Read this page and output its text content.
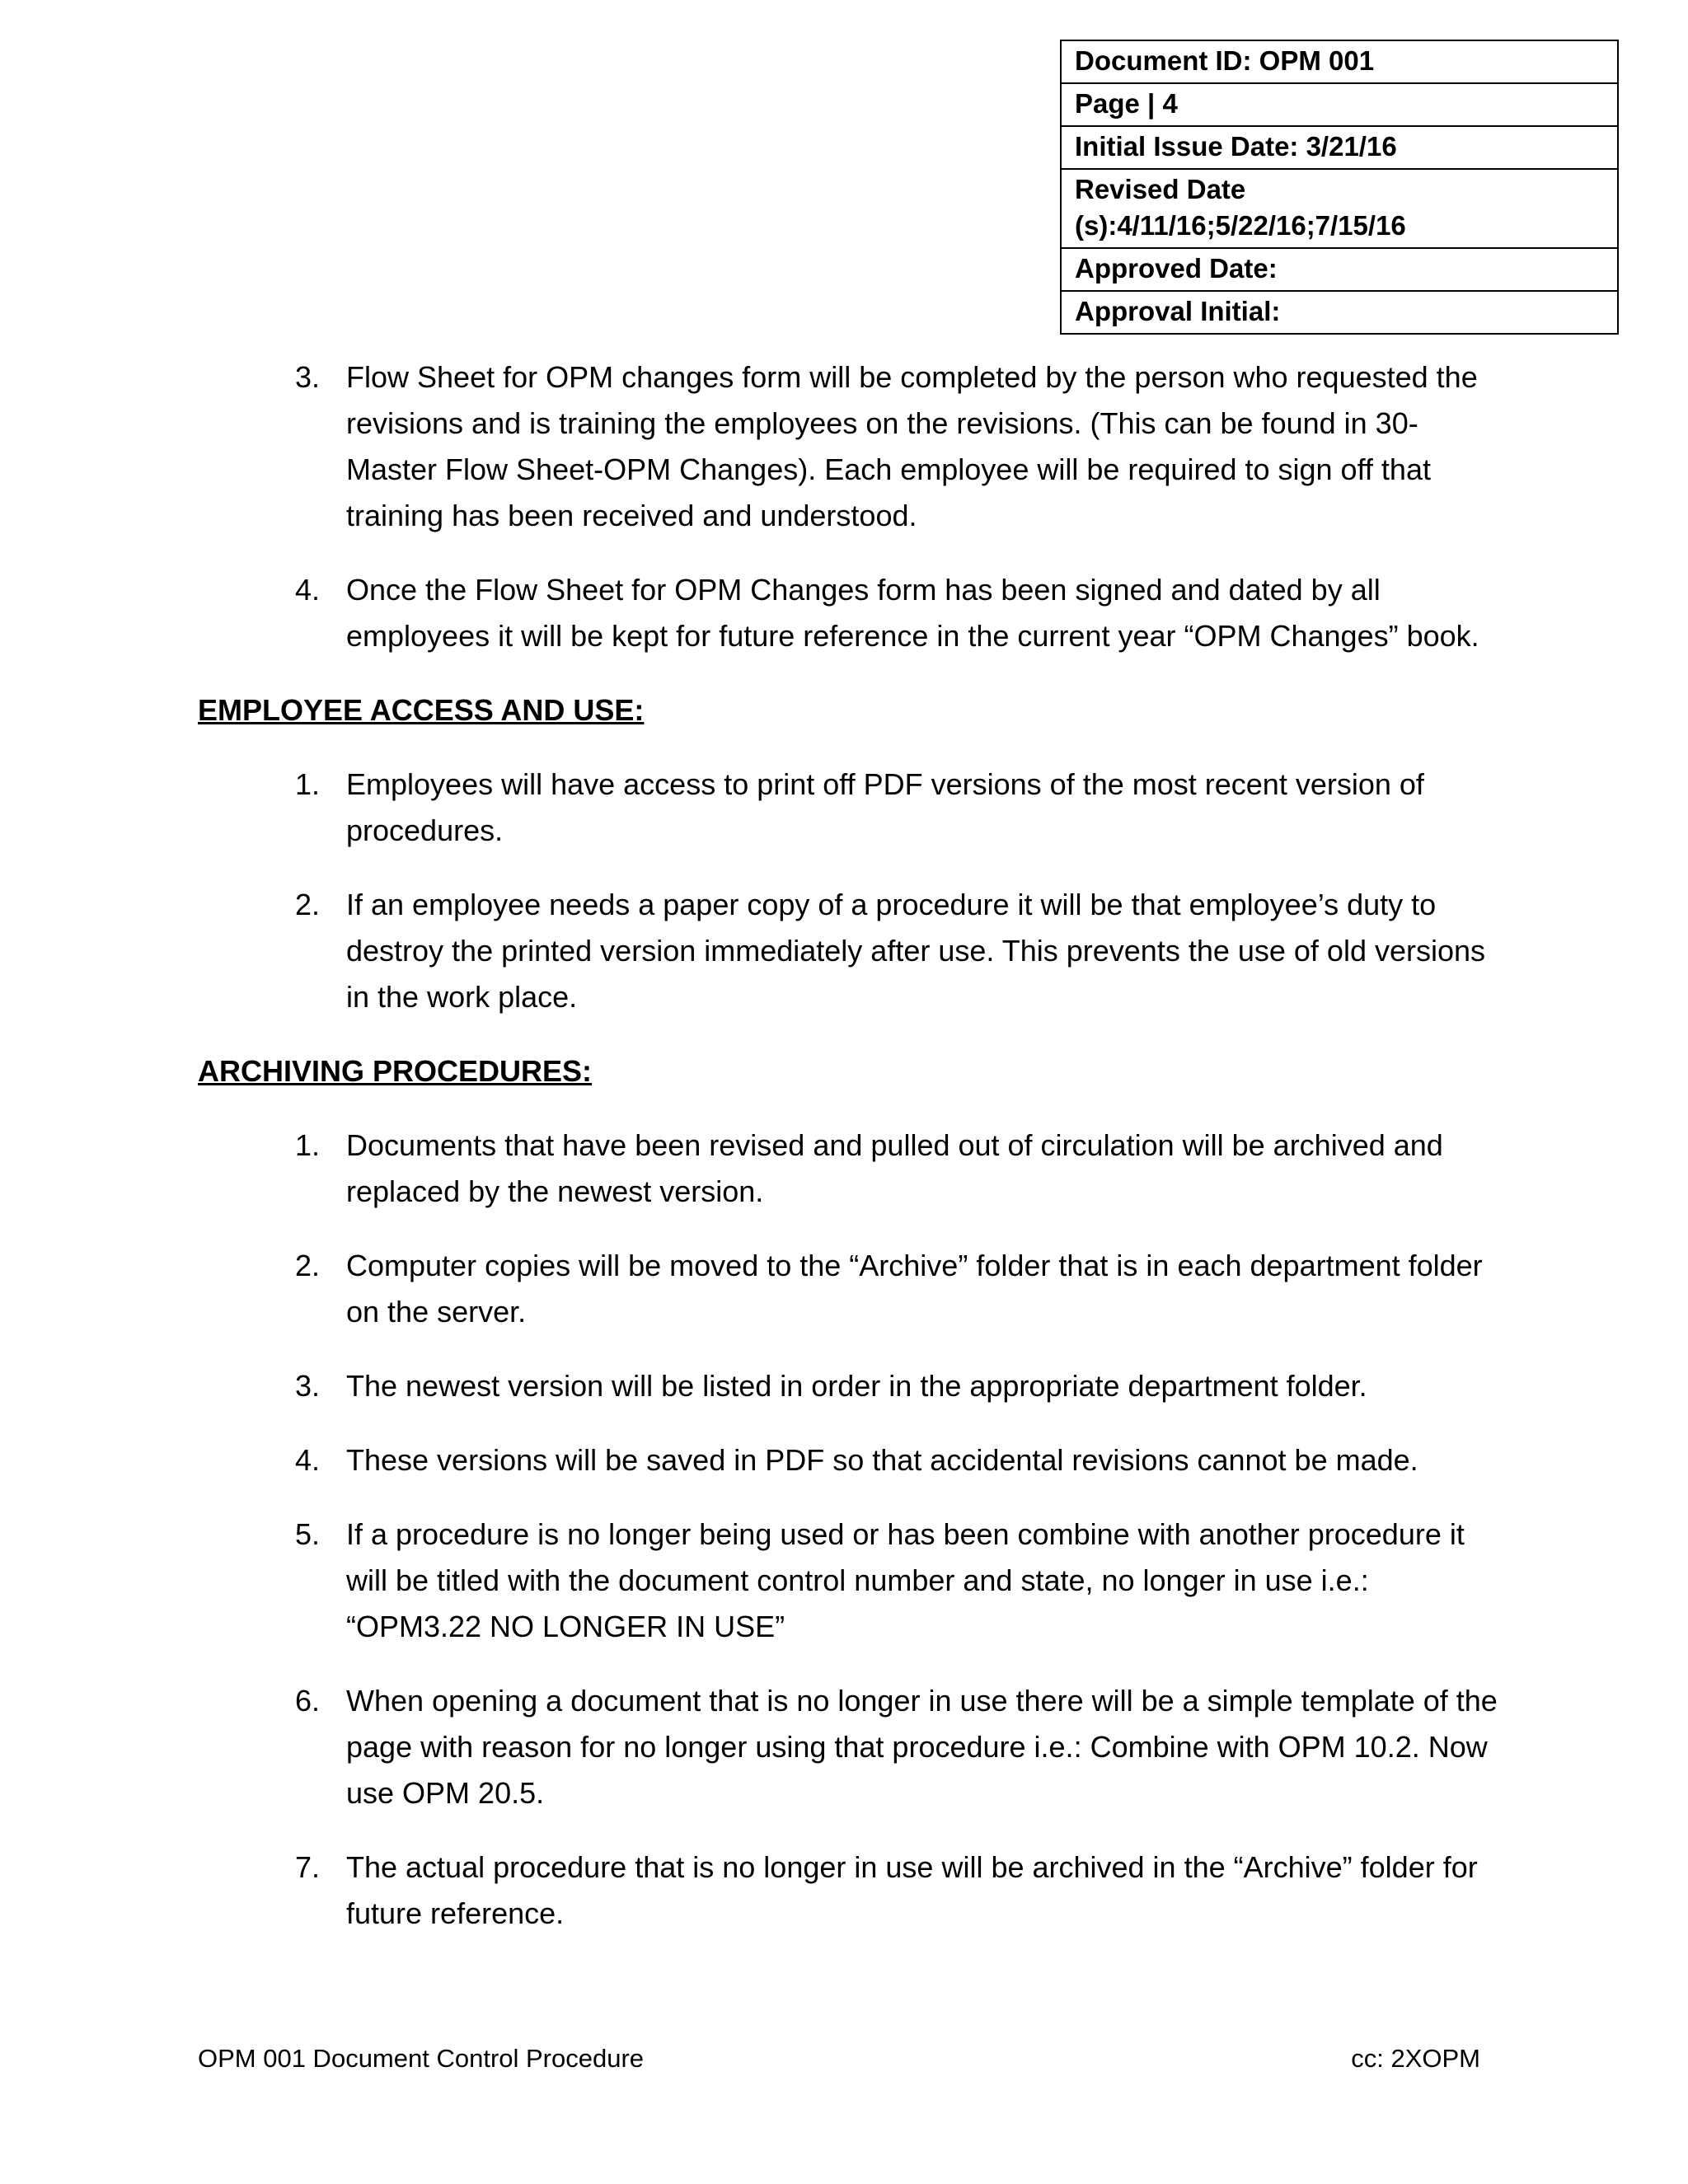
Document ID: OPM 001
Page | 4
Initial Issue Date: 3/21/16
Revised Date
(s):4/11/16;5/22/16;7/15/16
Approved Date:
Approval Initial:
3. Flow Sheet for OPM changes form will be completed by the person who requested the revisions and is training the employees on the revisions. (This can be found in 30-Master Flow Sheet-OPM Changes). Each employee will be required to sign off that training has been received and understood.
4. Once the Flow Sheet for OPM Changes form has been signed and dated by all employees it will be kept for future reference in the current year “OPM Changes” book.
EMPLOYEE ACCESS AND USE:
1. Employees will have access to print off PDF versions of the most recent version of procedures.
2. If an employee needs a paper copy of a procedure it will be that employee’s duty to destroy the printed version immediately after use. This prevents the use of old versions in the work place.
ARCHIVING PROCEDURES:
1. Documents that have been revised and pulled out of circulation will be archived and replaced by the newest version.
2. Computer copies will be moved to the “Archive” folder that is in each department folder on the server.
3. The newest version will be listed in order in the appropriate department folder.
4. These versions will be saved in PDF so that accidental revisions cannot be made.
5. If a procedure is no longer being used or has been combine with another procedure it will be titled with the document control number and state, no longer in use i.e.: “OPM3.22 NO LONGER IN USE”
6. When opening a document that is no longer in use there will be a simple template of the page with reason for no longer using that procedure i.e.: Combine with OPM 10.2. Now use OPM 20.5.
7. The actual procedure that is no longer in use will be archived in the “Archive” folder for future reference.
OPM 001 Document Control Procedure	cc: 2XOPM
